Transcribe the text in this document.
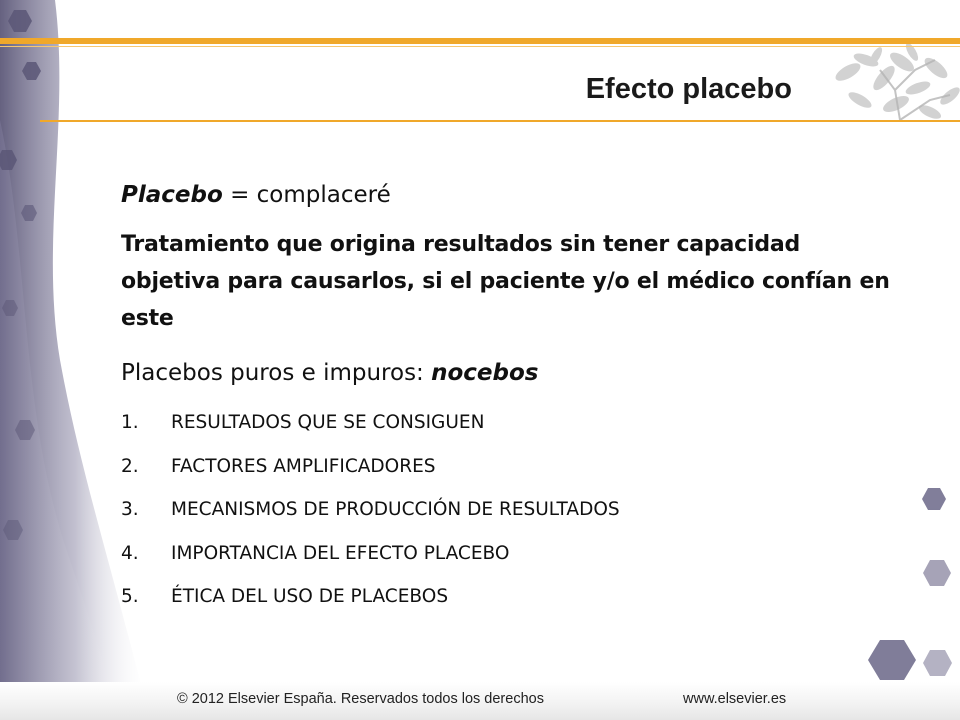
Efecto placebo

Placebo = complaceré

Tratamiento que origina resultados sin tener capacidad objetiva para causarlos, si el paciente y/o el médico confían en este

Placebos puros e impuros: nocebos

1.	RESULTADOS QUE SE CONSIGUEN
2.	FACTORES AMPLIFICADORES
3.	MECANISMOS DE PRODUCCIÓN DE RESULTADOS
4.	IMPORTANCIA DEL EFECTO PLACEBO
5.	ÉTICA DEL USO DE PLACEBOS
© 2012 Elsevier España. Reservados todos los derechos	www.elsevier.es
